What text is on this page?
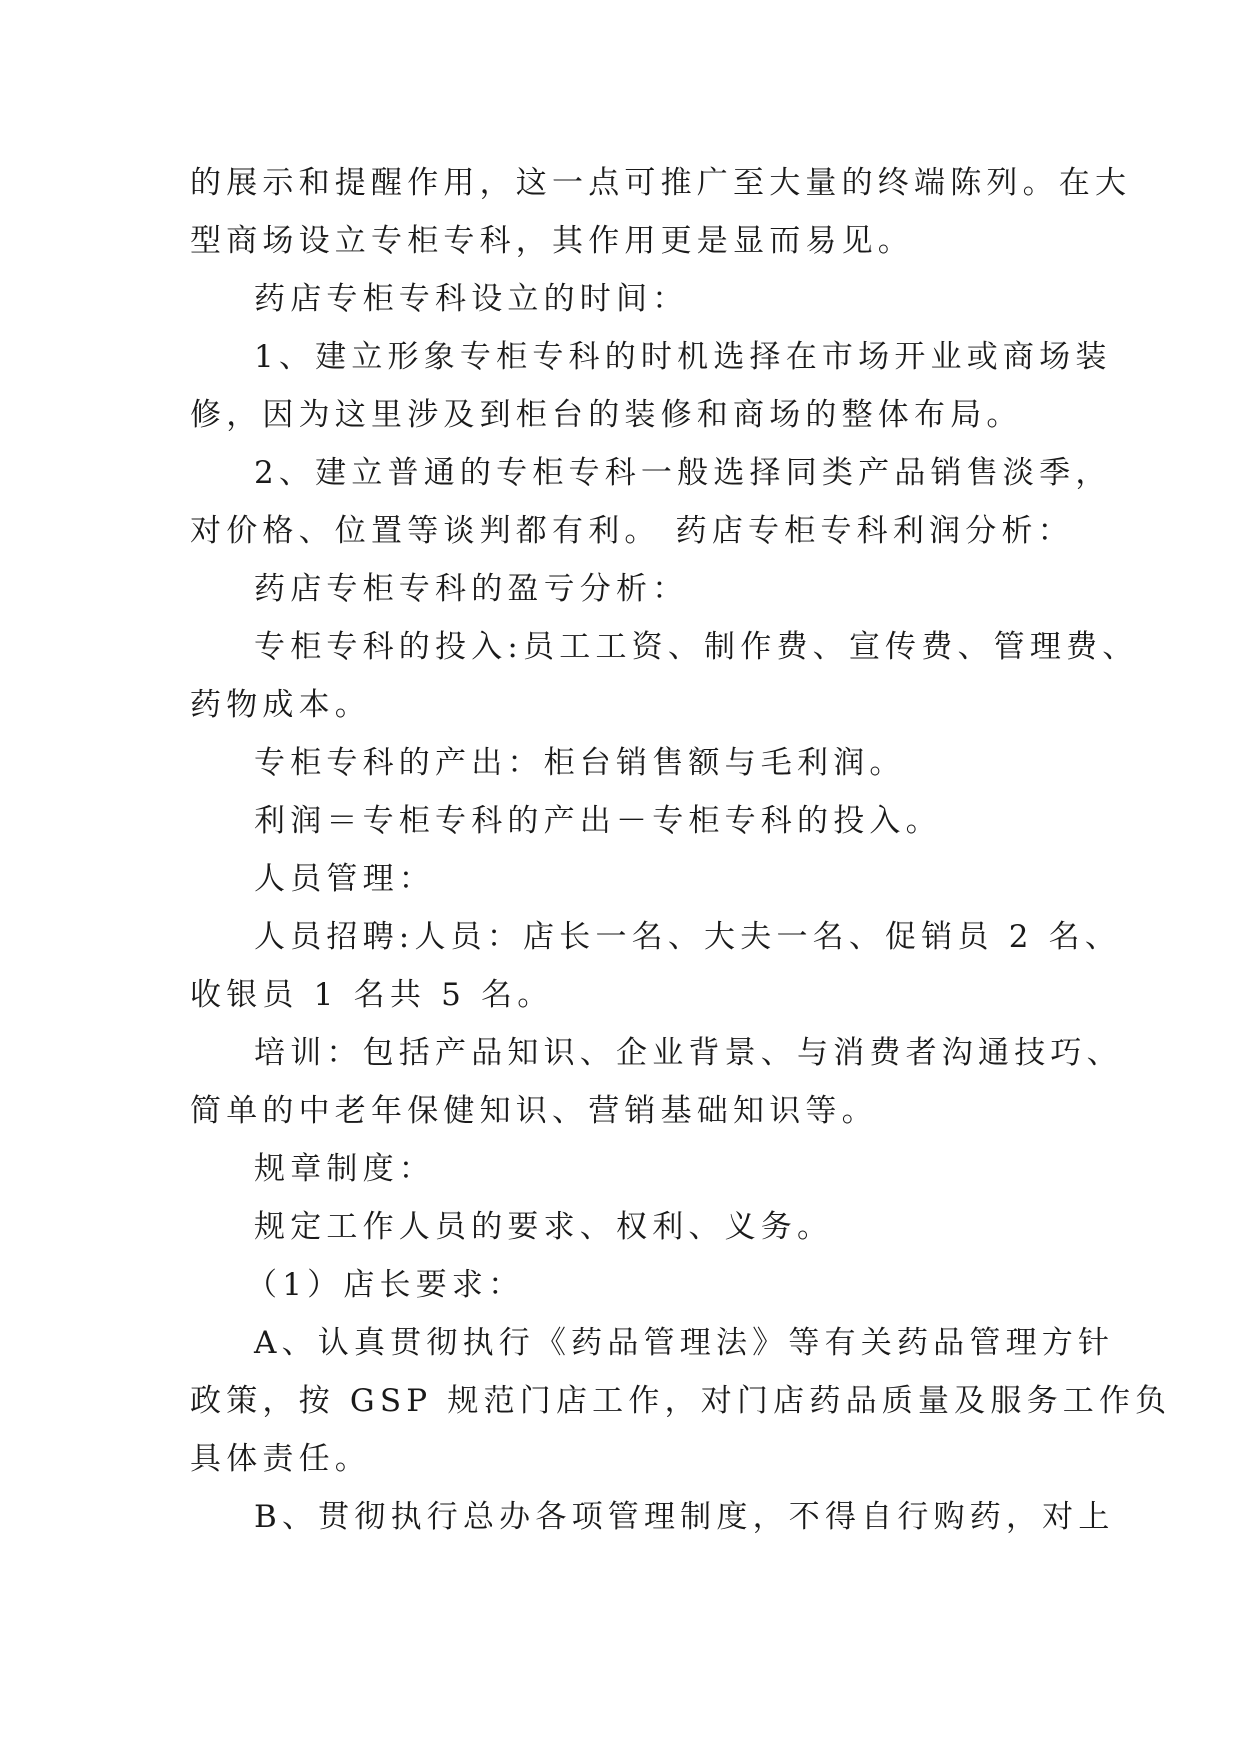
的展示和提醒作用，这一点可推广至大量的终端陈列。在大

型商场设立专柜专科，其作用更是显而易见。

药店专柜专科设立的时间：

1、建立形象专柜专科的时机选择在市场开业或商场装

修，因为这里涉及到柜台的装修和商场的整体布局。

2、建立普通的专柜专科一般选择同类产品销售淡季，

对价格、位置等谈判都有利。 药店专柜专科利润分析：

药店专柜专科的盈亏分析：

专柜专科的投入:员工工资、制作费、宣传费、管理费、

药物成本。

专柜专科的产出：柜台销售额与毛利润。

利润＝专柜专科的产出－专柜专科的投入。

人员管理：

人员招聘:人员：店长一名、大夫一名、促销员 2 名、

收银员 1 名共 5 名。

培训：包括产品知识、企业背景、与消费者沟通技巧、

简单的中老年保健知识、营销基础知识等。

规章制度：

规定工作人员的要求、权利、义务。

（1）店长要求：

A、认真贯彻执行《药品管理法》等有关药品管理方针

政策，按 GSP 规范门店工作，对门店药品质量及服务工作负

具体责任。

B、贯彻执行总办各项管理制度，不得自行购药，对上
